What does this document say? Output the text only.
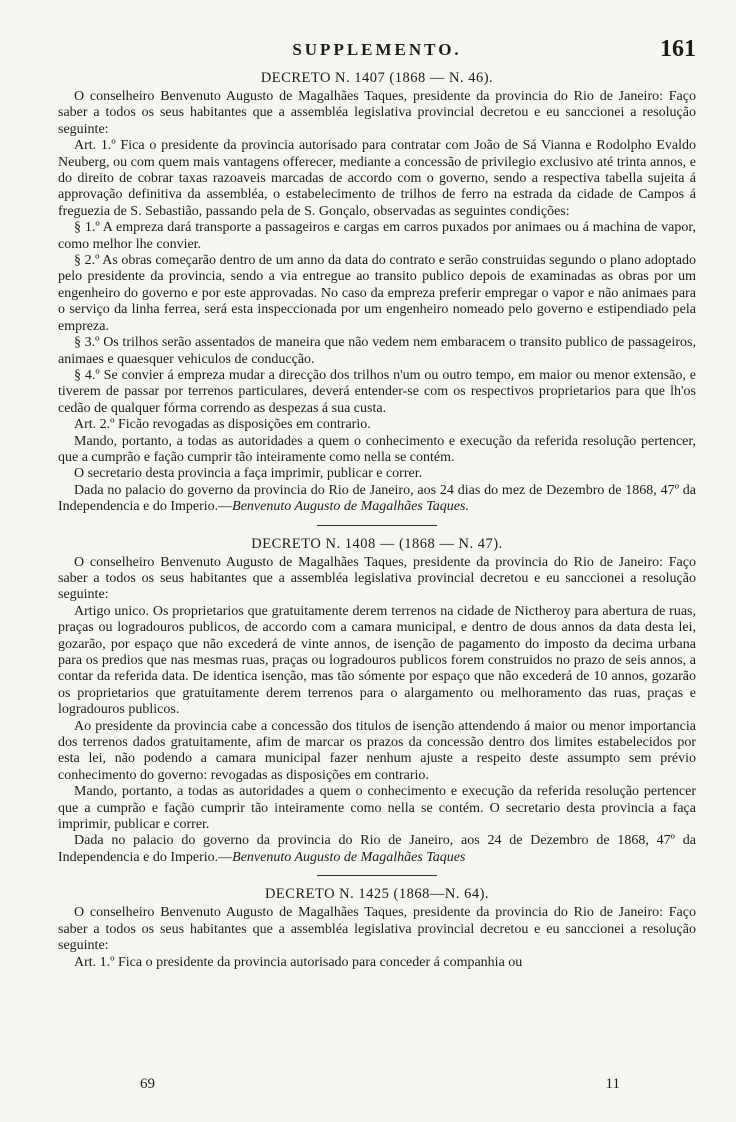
SUPPLEMENTO.	161
DECRETO N. 1407 (1868 — N. 46).

O conselheiro Benvenuto Augusto de Magalhães Taques, presidente da provincia do Rio de Janeiro: Faço saber a todos os seus habitantes que a assembléa legislativa provincial decretou e eu sanccionei a resolução seguinte:

Art. 1.º Fica o presidente da provincia autorisado para contratar com João de Sá Vianna e Rodolpho Evaldo Neuberg, ou com quem mais vantagens offerecer, mediante a concessão de privilegio exclusivo até trinta annos, e do direito de cobrar taxas razoaveis marcadas de accordo com o governo, sendo a respectiva tabella sujeita á approvação definitiva da assembléa, o estabelecimento de trilhos de ferro na estrada da cidade de Campos á freguezia de S. Sebastião, passando pela de S. Gonçalo, observadas as seguintes condições:

§ 1.º A empreza dará transporte a passageiros e cargas em carros puxados por animaes ou á machina de vapor, como melhor lhe convier.

§ 2.º As obras começarão dentro de um anno da data do contrato e serão construidas segundo o plano adoptado pelo presidente da provincia, sendo a via entregue ao transito publico depois de examinadas as obras por um engenheiro do governo e por este approvadas. No caso da empreza preferir empregar o vapor e não animaes para o serviço da linha ferrea, será esta inspeccionada por um engenheiro nomeado pelo governo e estipendiado pela empreza.

§ 3.º Os trilhos serão assentados de maneira que não vedem nem embaracem o transito publico de passageiros, animaes e quaesquer vehiculos de conducção.

§ 4.º Se convier á empreza mudar a direcção dos trilhos n'um ou outro tempo, em maior ou menor extensão, e tiverem de passar por terrenos particulares, deverá entender-se com os respectivos proprietarios para que lh'os cedão de qualquer fórma correndo as despezas á sua custa.

Art. 2.º Ficão revogadas as disposições em contrario.

Mando, portanto, a todas as autoridades a quem o conhecimento e execução da referida resolução pertencer, que a cumprão e fação cumprir tão inteiramente como nella se contém.

O secretario desta provincia a faça imprimir, publicar e correr.

Dada no palacio do governo da provincia do Rio de Janeiro, aos 24 dias do mez de Dezembro de 1868, 47º da Independencia e do Imperio.—Benvenuto Augusto de Magalhães Taques.

DECRETO N. 1408 — (1868 — N. 47).

O conselheiro Benvenuto Augusto de Magalhães Taques, presidente da provincia do Rio de Janeiro: Faço saber a todos os seus habitantes que a assembléa legislativa provincial decretou e eu sanccionei a resolução seguinte:

Artigo unico. Os proprietarios que gratuitamente derem terrenos na cidade de Nictheroy para abertura de ruas, praças ou logradouros publicos, de accordo com a camara municipal, e dentro de dous annos da data desta lei, gozarão, por espaço que não excederá de vinte annos, de isenção de pagamento do imposto da decima urbana para os predios que nas mesmas ruas, praças ou logradouros publicos forem construidos no prazo de seis annos, a contar da referida data. De identica isenção, mas tão sómente por espaço que não excederá de 10 annos, gozarão os proprietarios que gratuitamente derem terrenos para o alargamento ou melhoramento das ruas, praças e logradouros publicos.

Ao presidente da provincia cabe a concessão dos titulos de isenção attendendo á maior ou menor importancia dos terrenos dados gratuitamente, afim de marcar os prazos da concessão dentro dos limites estabelecidos por esta lei, não podendo a camara municipal fazer nenhum ajuste a respeito deste assumpto sem prévio conhecimento do governo: revogadas as disposições em contrario.

Mando, portanto, a todas as autoridades a quem o conhecimento e execução da referida resolução pertencer que a cumprão e fação cumprir tão inteiramente como nella se contém. O secretario desta provincia a faça imprimir, publicar e correr.

Dada no palacio do governo da provincia do Rio de Janeiro, aos 24 de Dezembro de 1868, 47º da Independencia e do Imperio.—Benvenuto Augusto de Magalhães Taques

DECRETO N. 1425 (1868—N. 64).

O conselheiro Benvenuto Augusto de Magalhães Taques, presidente da provincia do Rio de Janeiro: Faço saber a todos os seus habitantes que a assembléa legislativa provincial decretou e eu sanccionei a resolução seguinte:

Art. 1.º Fica o presidente da provincia autorisado para conceder á companhia ou

69	11
